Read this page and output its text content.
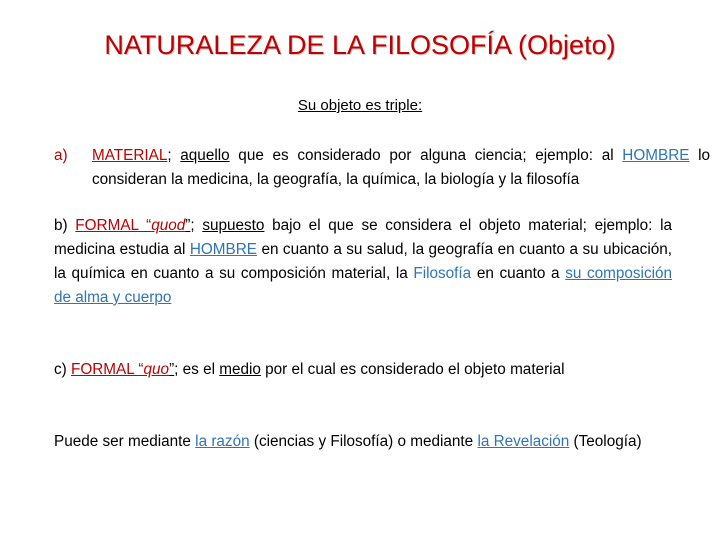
NATURALEZA DE LA FILOSOFÍA (Objeto)
Su objeto es triple:
a) MATERIAL; aquello que es considerado por alguna ciencia; ejemplo: al HOMBRE lo consideran la medicina, la geografía, la química, la biología y la filosofía
b) FORMAL “quod”; supuesto bajo el que se considera el objeto material; ejemplo: la medicina estudia al HOMBRE en cuanto a su salud, la geografía en cuanto a su ubicación, la química en cuanto a su composición material, la Filosofía en cuanto a su composición de alma y cuerpo
c) FORMAL “quo”; es el medio por el cual es considerado el objeto material
Puede ser mediante la razón (ciencias y Filosofía) o mediante la Revelación (Teología)
